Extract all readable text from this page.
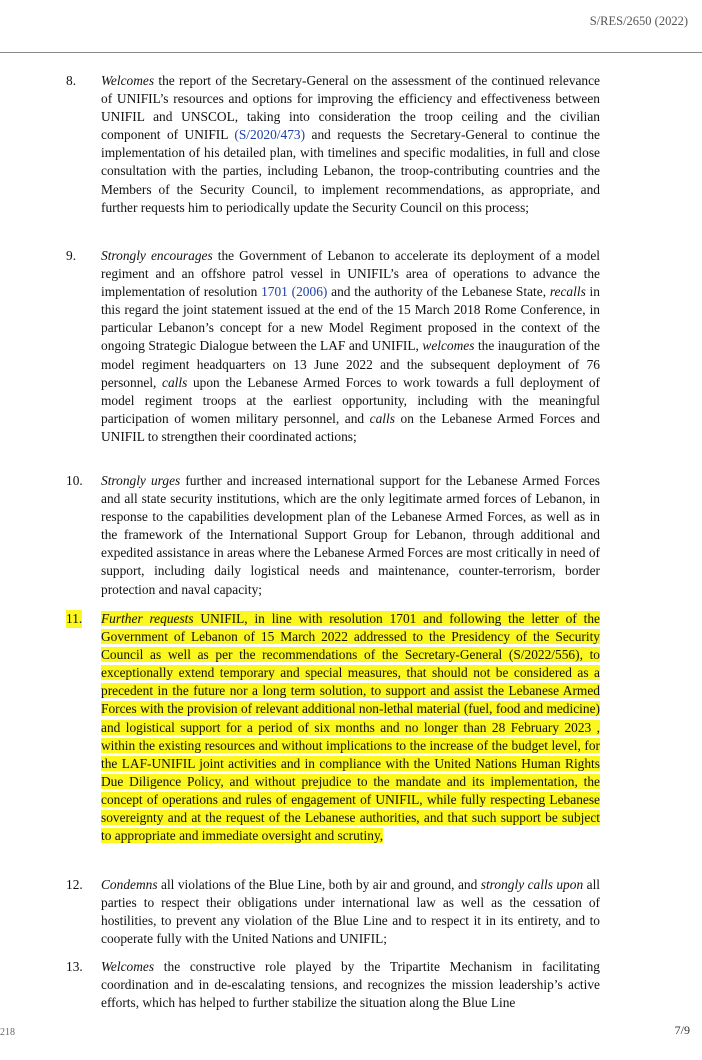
S/RES/2650 (2022)
8. Welcomes the report of the Secretary-General on the assessment of the continued relevance of UNIFIL’s resources and options for improving the efficiency and effectiveness between UNIFIL and UNSCOL, taking into consideration the troop ceiling and the civilian component of UNIFIL (S/2020/473) and requests the Secretary-General to continue the implementation of his detailed plan, with timelines and specific modalities, in full and close consultation with the parties, including Lebanon, the troop-contributing countries and the Members of the Security Council, to implement recommendations, as appropriate, and further requests him to periodically update the Security Council on this process;
9. Strongly encourages the Government of Lebanon to accelerate its deployment of a model regiment and an offshore patrol vessel in UNIFIL’s area of operations to advance the implementation of resolution 1701 (2006) and the authority of the Lebanese State, recalls in this regard the joint statement issued at the end of the 15 March 2018 Rome Conference, in particular Lebanon’s concept for a new Model Regiment proposed in the context of the ongoing Strategic Dialogue between the LAF and UNIFIL, welcomes the inauguration of the model regiment headquarters on 13 June 2022 and the subsequent deployment of 76 personnel, calls upon the Lebanese Armed Forces to work towards a full deployment of model regiment troops at the earliest opportunity, including with the meaningful participation of women military personnel, and calls on the Lebanese Armed Forces and UNIFIL to strengthen their coordinated actions;
10. Strongly urges further and increased international support for the Lebanese Armed Forces and all state security institutions, which are the only legitimate armed forces of Lebanon, in response to the capabilities development plan of the Lebanese Armed Forces, as well as in the framework of the International Support Group for Lebanon, through additional and expedited assistance in areas where the Lebanese Armed Forces are most critically in need of support, including daily logistical needs and maintenance, counter-terrorism, border protection and naval capacity;
11. Further requests UNIFIL, in line with resolution 1701 and following the letter of the Government of Lebanon of 15 March 2022 addressed to the Presidency of the Security Council as well as per the recommendations of the Secretary-General (S/2022/556), to exceptionally extend temporary and special measures, that should not be considered as a precedent in the future nor a long term solution, to support and assist the Lebanese Armed Forces with the provision of relevant additional non-lethal material (fuel, food and medicine) and logistical support for a period of six months and no longer than 28 February 2023 , within the existing resources and without implications to the increase of the budget level, for the LAF-UNIFIL joint activities and in compliance with the United Nations Human Rights Due Diligence Policy, and without prejudice to the mandate and its implementation, the concept of operations and rules of engagement of UNIFIL, while fully respecting Lebanese sovereignty and at the request of the Lebanese authorities, and that such support be subject to appropriate and immediate oversight and scrutiny,
12. Condemns all violations of the Blue Line, both by air and ground, and strongly calls upon all parties to respect their obligations under international law as well as the cessation of hostilities, to prevent any violation of the Blue Line and to respect it in its entirety, and to cooperate fully with the United Nations and UNIFIL;
13. Welcomes the constructive role played by the Tripartite Mechanism in facilitating coordination and in de-escalating tensions, and recognizes the mission leadership’s active efforts, which has helped to further stabilize the situation along the Blue Line
218	7/9
